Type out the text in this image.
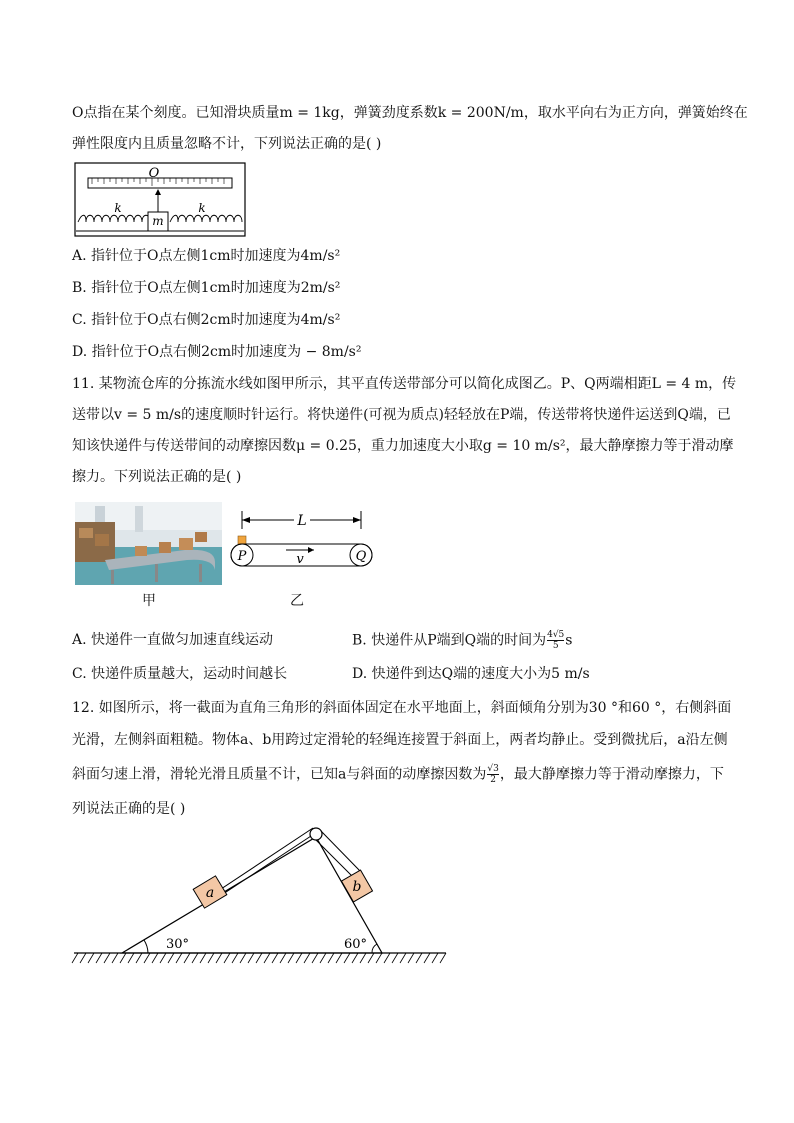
O点指在某个刻度。已知滑块质量m = 1kg，弹簧劲度系数k = 200N/m，取水平向右为正方向，弹簧始终在
弹性限度内且质量忽略不计，下列说法正确的是( )
O
k	k
m
A. 指针位于O点左侧1cm时加速度为4m/s²
B. 指针位于O点左侧1cm时加速度为2m/s²
C. 指针位于O点右侧2cm时加速度为4m/s²
D. 指针位于O点右侧2cm时加速度为 − 8m/s²
11. 某物流仓库的分拣流水线如图甲所示，其平直传送带部分可以简化成图乙。P、Q两端相距L = 4 m，传
送带以v = 5 m/s的速度顺时针运行。将快递件(可视为质点)轻轻放在P端，传送带将快递件运送到Q端，已
知该快递件与传送带间的动摩擦因数μ = 0.25，重力加速度大小取g = 10 m/s²，最大静摩擦力等于滑动摩
擦力。下列说法正确的是( )
甲
L
P	Q
v
乙
A. 快递件一直做匀加速直线运动	B. 快递件从P端到Q端的时间为 $\frac{4√5}{5}$ s
C. 快递件质量越大，运动时间越长	D. 快递件到达Q端的速度大小为5 m/s
12. 如图所示，将一截面为直角三角形的斜面体固定在水平地面上，斜面倾角分别为30 °和60 °，右侧斜面
光滑，左侧斜面粗糙。物体a、b用跨过定滑轮的轻绳连接置于斜面上，两者均静止。受到微扰后，a沿左侧
斜面匀速上滑，滑轮光滑且质量不计，已知a与斜面的动摩擦因数为 $\frac{√3}{2}$ ，最大静摩擦力等于滑动摩擦力，下
列说法正确的是( )
a	b
30°	60°
